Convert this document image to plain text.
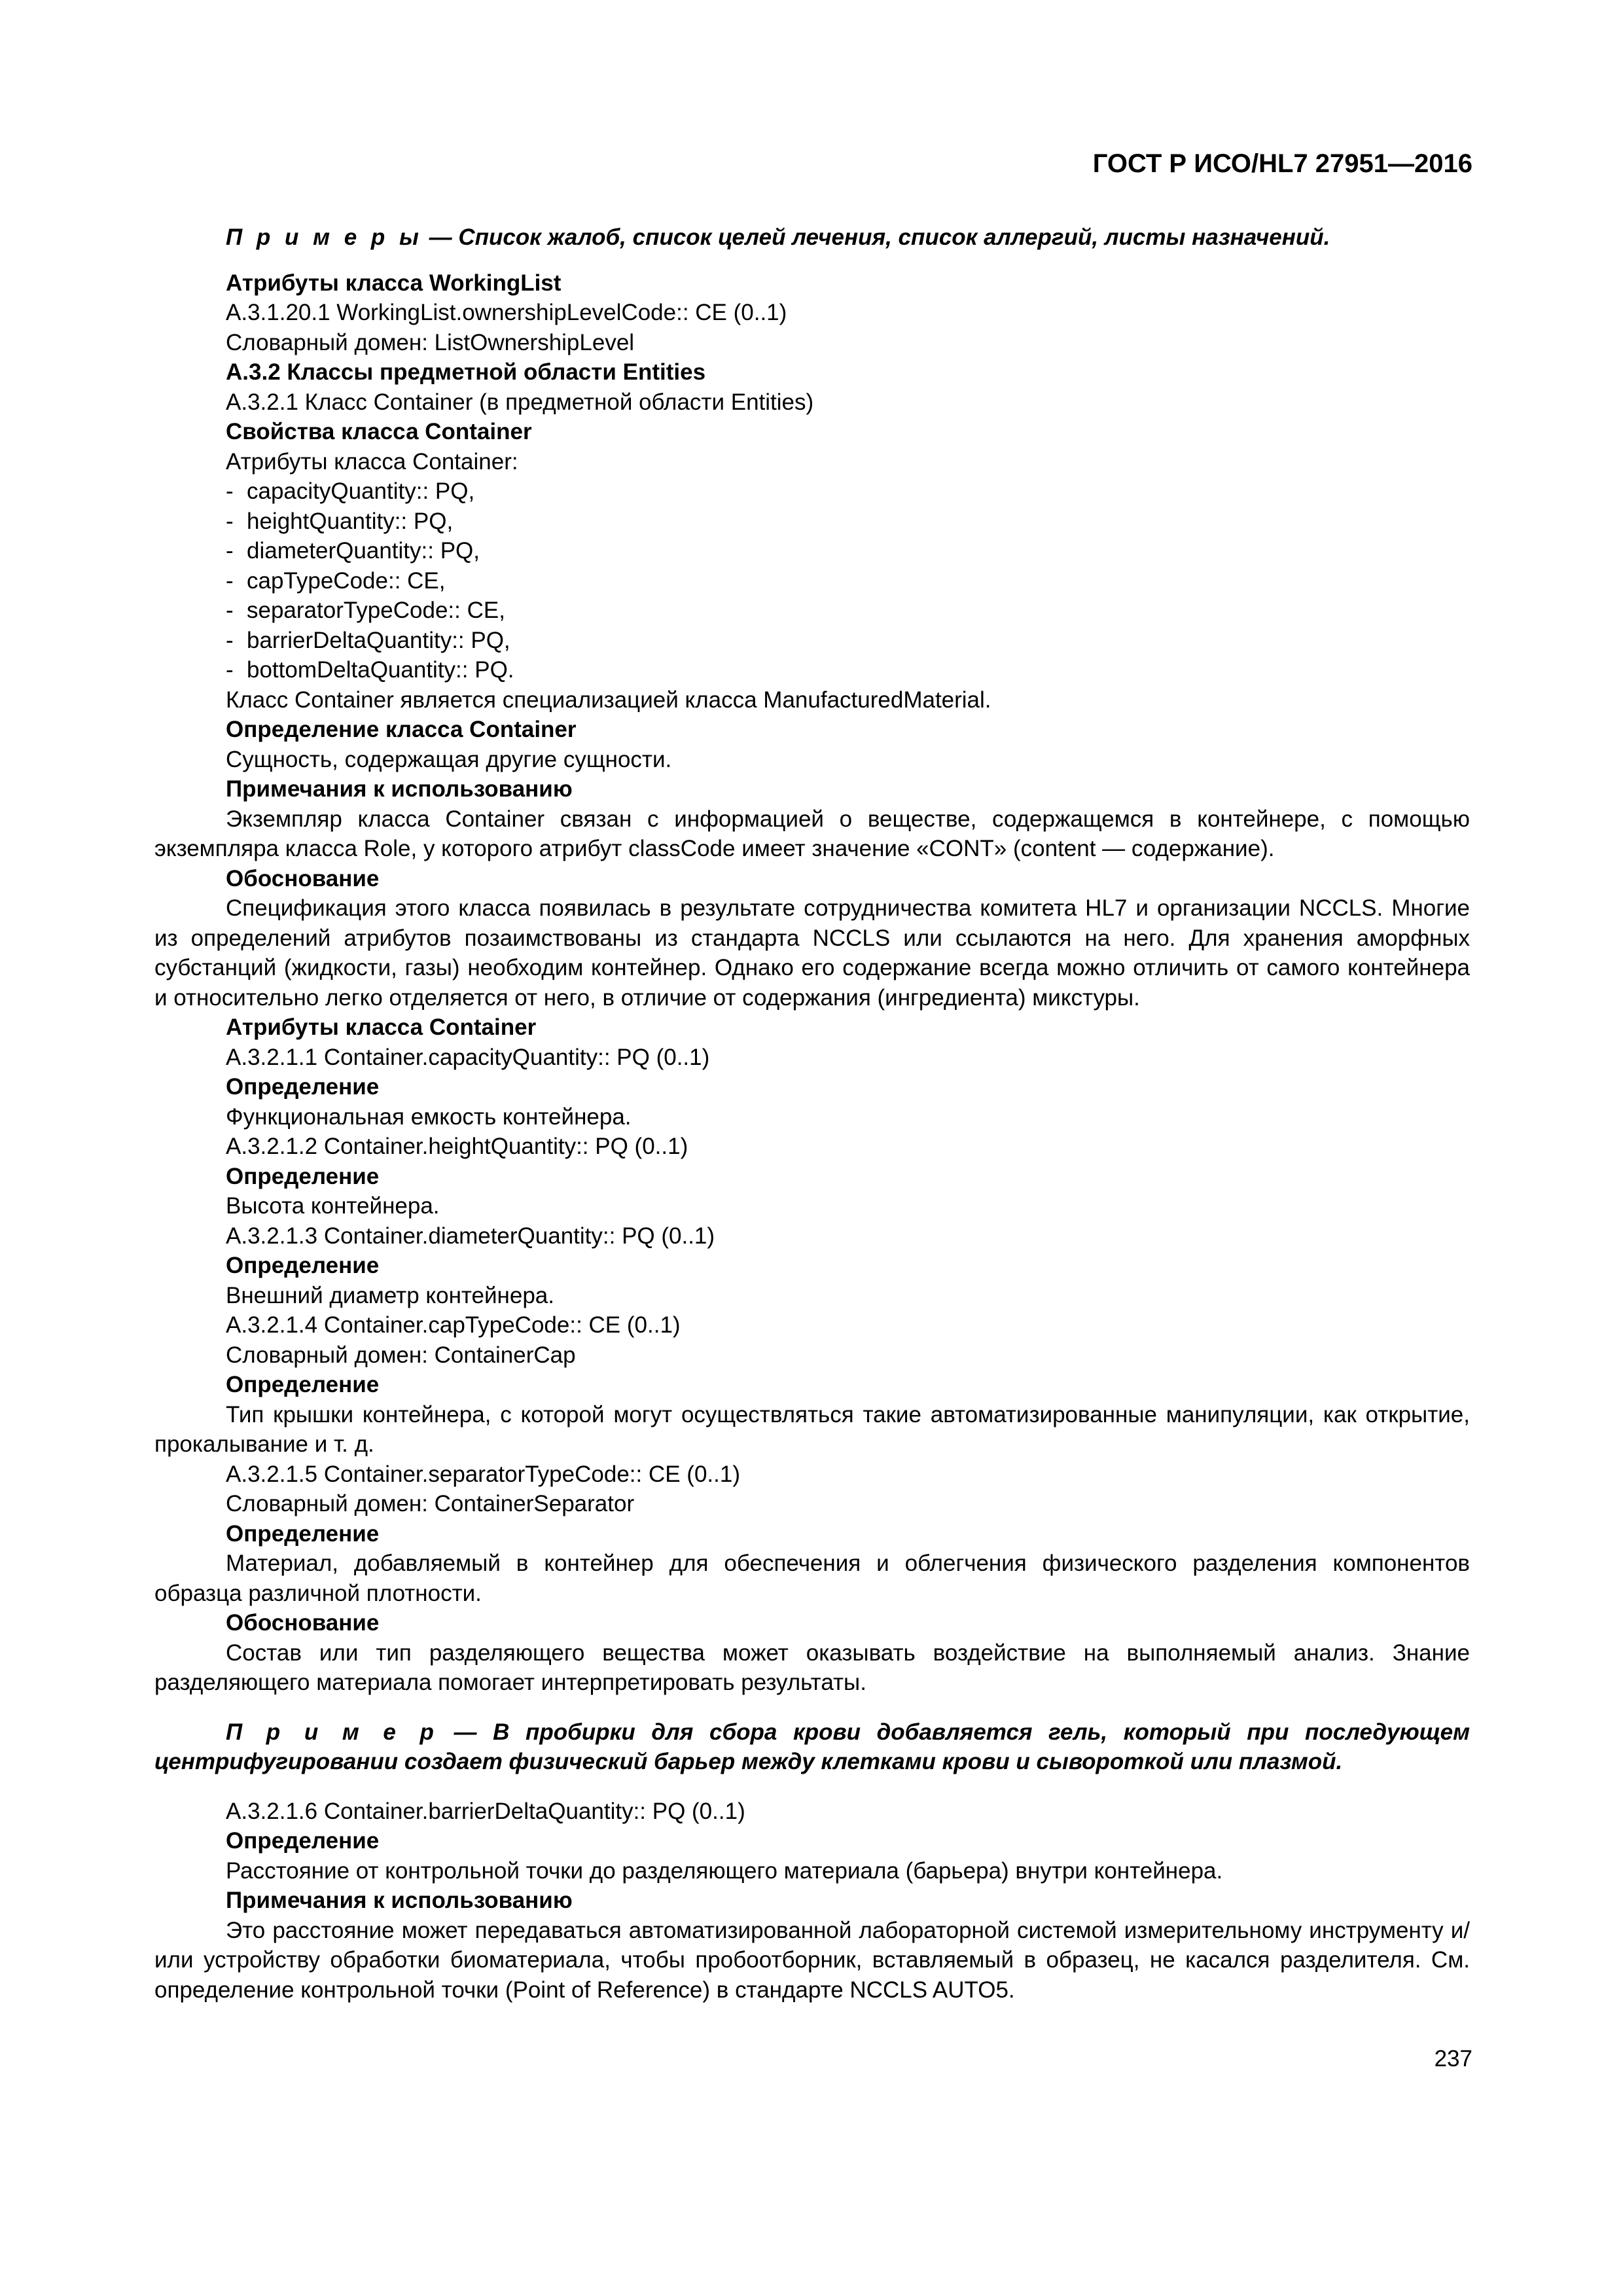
ГОСТ Р ИСО/HL7 27951—2016

П р и м е р ы — Список жалоб, список целей лечения, список аллергий, листы назначений.

Атрибуты класса WorkingList

A.3.1.20.1 WorkingList.ownershipLevelCode:: CE (0..1)

Словарный домен: ListOwnershipLevel

А.3.2 Классы предметной области Entities

A.3.2.1 Класс Container (в предметной области Entities)

Свойства класса Container

Атрибуты класса Container:

- capacityQuantity:: PQ,

- heightQuantity:: PQ,

- diameterQuantity:: PQ,

- capTypeCode:: CE,

- separatorTypeCode:: CE,

- barrierDeltaQuantity:: PQ,

- bottomDeltaQuantity:: PQ.

Класс Container является специализацией класса ManufacturedMaterial.

Определение класса Container

Сущность, содержащая другие сущности.

Примечания к использованию

Экземпляр класса Container связан с информацией о веществе, содержащемся в контейнере, с помощью экземпляра класса Role, у которого атрибут classCode имеет значение «CONT» (content — содержание).

Обоснование

Спецификация этого класса появилась в результате сотрудничества комитета HL7 и организации NCCLS. Многие из определений атрибутов позаимствованы из стандарта NCCLS или ссылаются на него. Для хранения аморфных субстанций (жидкости, газы) необходим контейнер. Однако его содержание всегда можно отличить от самого контейнера и относительно легко отделяется от него, в отличие от содержания (ингредиента) микстуры.

Атрибуты класса Container

A.3.2.1.1 Container.capacityQuantity:: PQ (0..1)

Определение

Функциональная емкость контейнера.

A.3.2.1.2 Container.heightQuantity:: PQ (0..1)

Определение

Высота контейнера.

A.3.2.1.3 Container.diameterQuantity:: PQ (0..1)

Определение

Внешний диаметр контейнера.

A.3.2.1.4 Container.capTypeCode:: CE (0..1)

Словарный домен: ContainerCap

Определение

Тип крышки контейнера, с которой могут осуществляться такие автоматизированные манипуляции, как открытие, прокалывание и т. д.

A.3.2.1.5 Container.separatorTypeCode:: CE (0..1)

Словарный домен: ContainerSeparator

Определение

Материал, добавляемый в контейнер для обеспечения и облегчения физического разделения компонентов образца различной плотности.

Обоснование

Состав или тип разделяющего вещества может оказывать воздействие на выполняемый анализ. Знание разделяющего материала помогает интерпретировать результаты.

П р и м е р — В пробирки для сбора крови добавляется гель, который при последующем центрифугировании создает физический барьер между клетками крови и сывороткой или плазмой.

A.3.2.1.6 Container.barrierDeltaQuantity:: PQ (0..1)

Определение

Расстояние от контрольной точки до разделяющего материала (барьера) внутри контейнера.

Примечания к использованию

Это расстояние может передаваться автоматизированной лабораторной системой измерительному инструменту и/или устройству обработки биоматериала, чтобы пробоотборник, вставляемый в образец, не касался разделителя. См. определение контрольной точки (Point of Reference) в стандарте NCCLS AUTO5.

237
